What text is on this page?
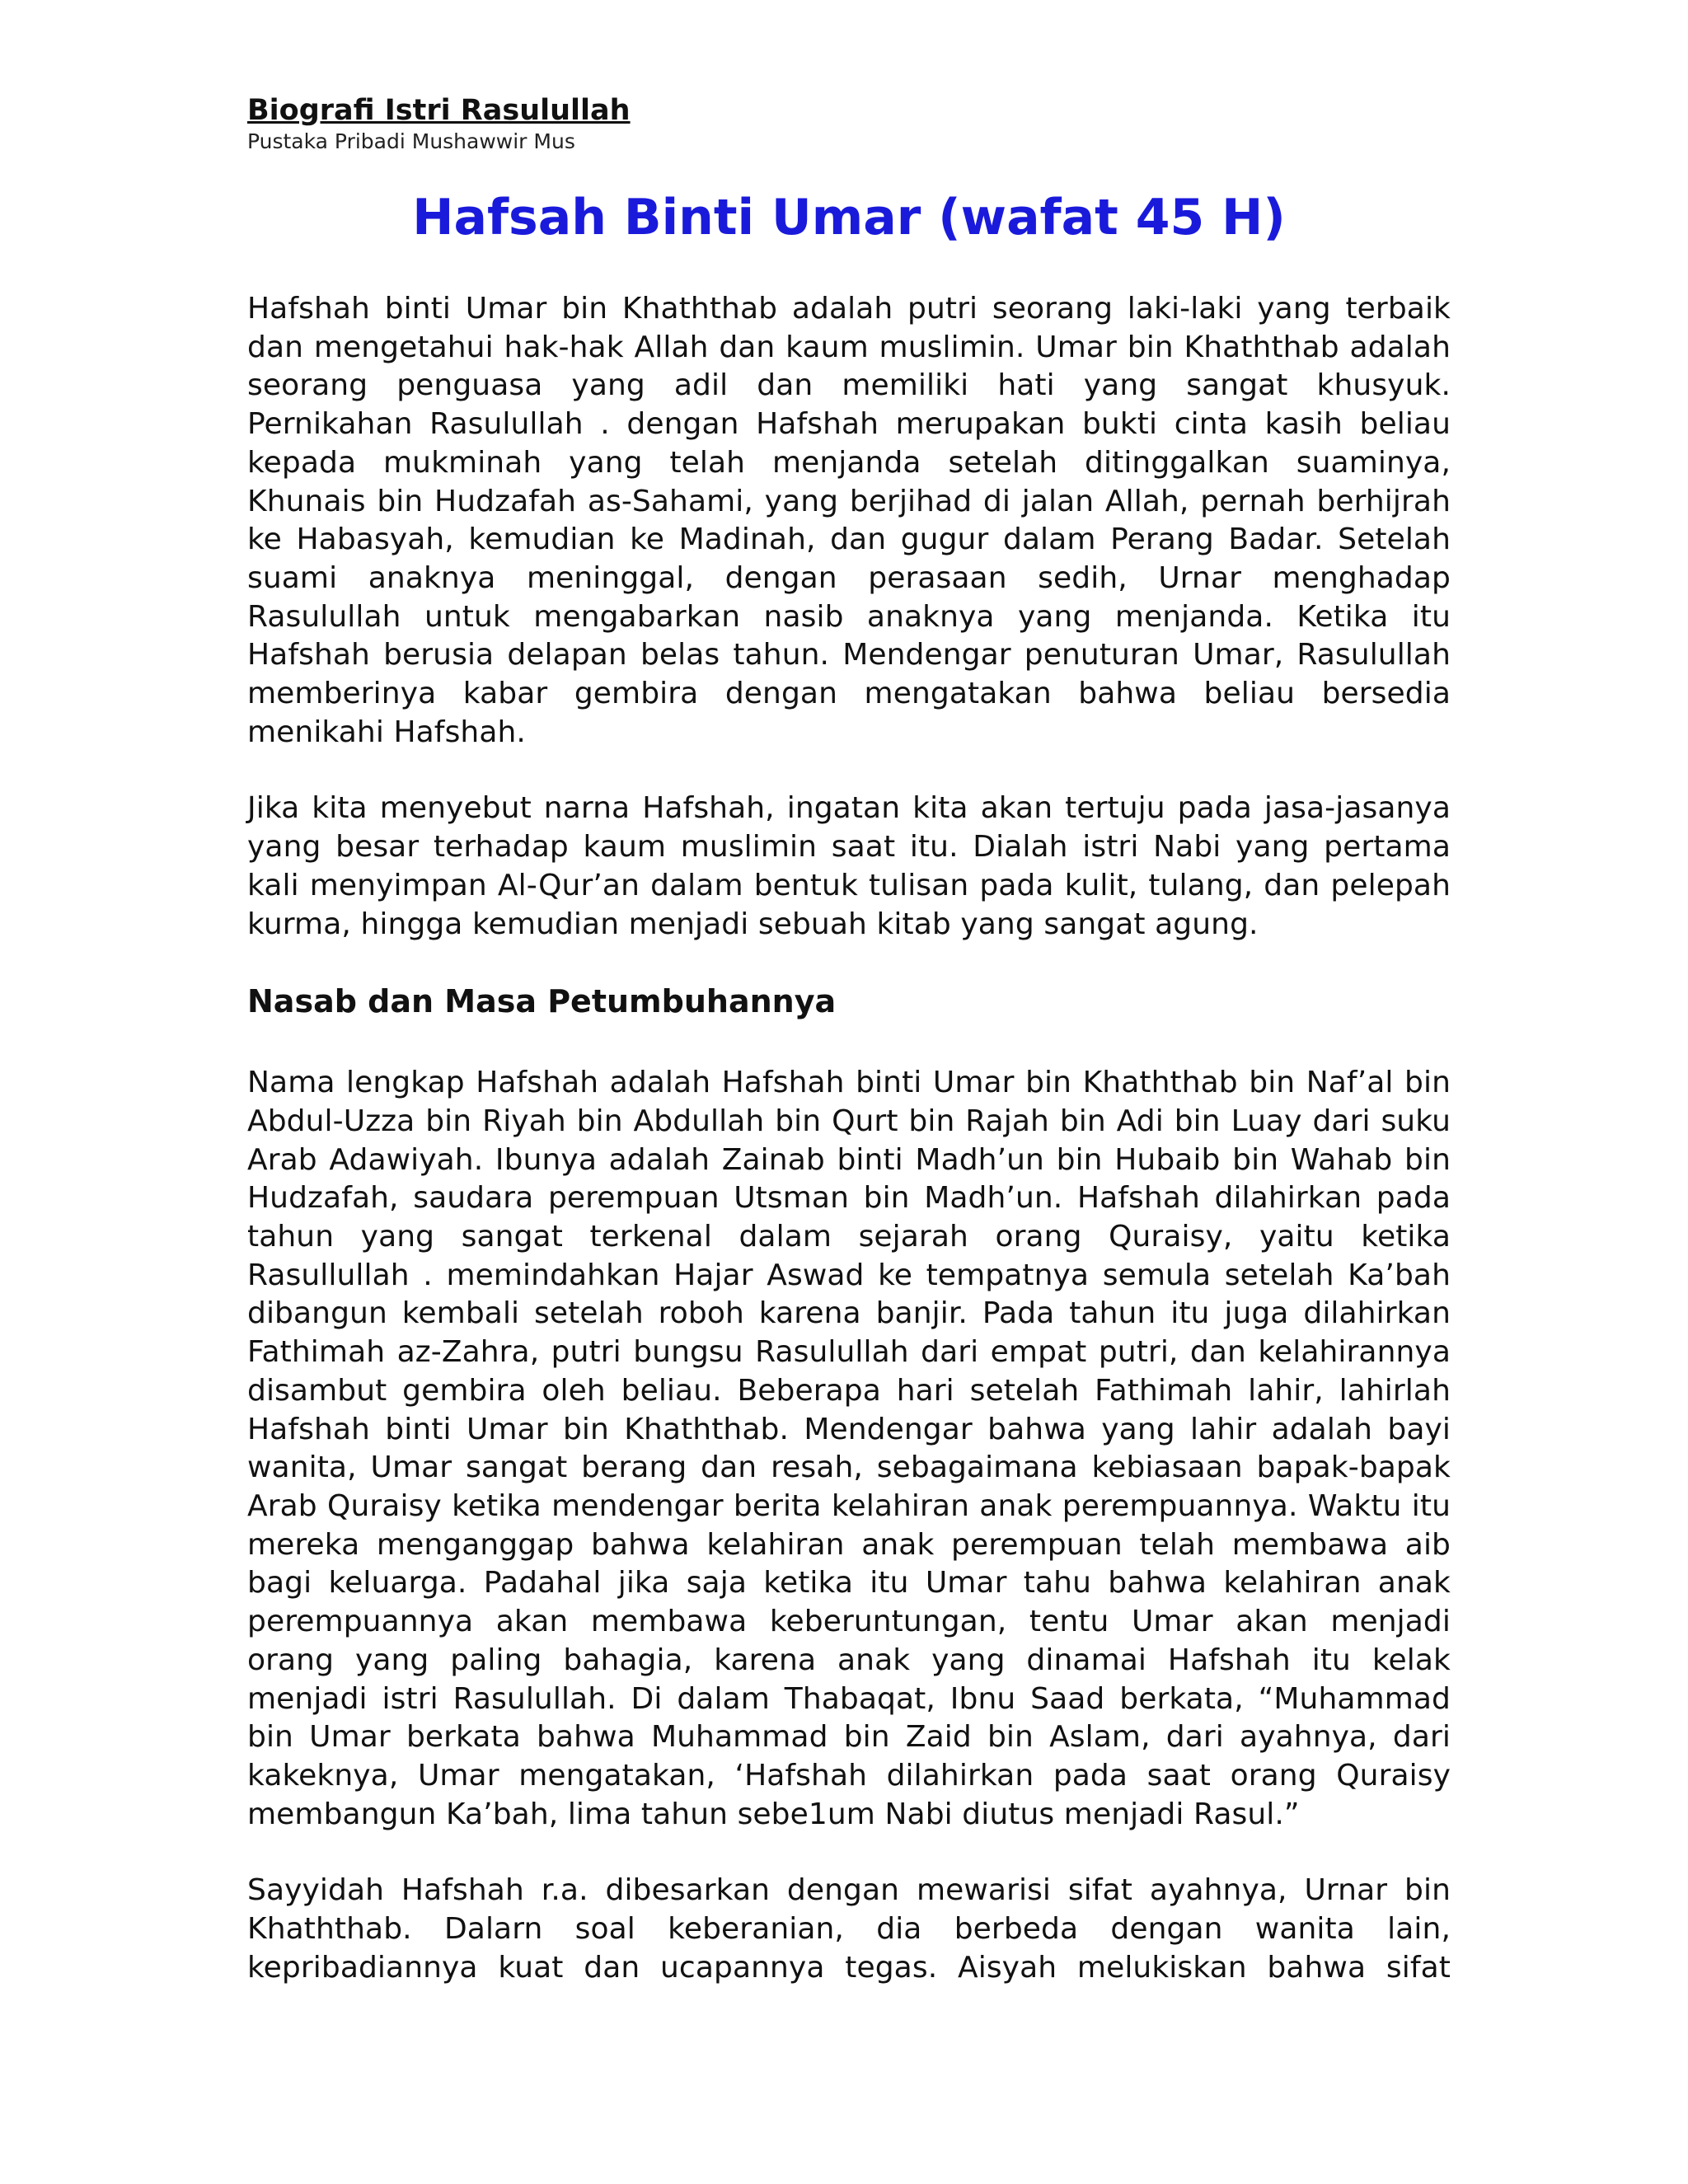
Biografi Istri Rasulullah

Pustaka Pribadi Mushawwir Mus

Hafsah Binti Umar (wafat 45 H)

Hafshah binti Umar bin Khaththab adalah putri seorang laki-laki yang terbaik dan mengetahui hak-hak Allah dan kaum muslimin. Umar bin Khaththab adalah seorang penguasa yang adil dan memiliki hati yang sangat khusyuk. Pernikahan Rasulullah . dengan Hafshah merupakan bukti cinta kasih beliau kepada mukminah yang telah menjanda setelah ditinggalkan suaminya, Khunais bin Hudzafah as-Sahami, yang berjihad di jalan Allah, pernah berhijrah ke Habasyah, kemudian ke Madinah, dan gugur dalam Perang Badar. Setelah suami anaknya meninggal, dengan perasaan sedih, Urnar menghadap Rasulullah untuk mengabarkan nasib anaknya yang menjanda. Ketika itu Hafshah berusia delapan belas tahun. Mendengar penuturan Umar, Rasulullah memberinya kabar gembira dengan mengatakan bahwa beliau bersedia menikahi Hafshah.

Jika kita menyebut narna Hafshah, ingatan kita akan tertuju pada jasa-jasanya yang besar terhadap kaum muslimin saat itu. Dialah istri Nabi yang pertama kali menyimpan Al-Qur’an dalam bentuk tulisan pada kulit, tulang, dan pelepah kurma, hingga kemudian menjadi sebuah kitab yang sangat agung.

Nasab dan Masa Petumbuhannya

Nama lengkap Hafshah adalah Hafshah binti Umar bin Khaththab bin Naf’al bin Abdul-Uzza bin Riyah bin Abdullah bin Qurt bin Rajah bin Adi bin Luay dari suku Arab Adawiyah. Ibunya adalah Zainab binti Madh’un bin Hubaib bin Wahab bin Hudzafah, saudara perempuan Utsman bin Madh’un. Hafshah dilahirkan pada tahun yang sangat terkenal dalam sejarah orang Quraisy, yaitu ketika Rasullullah . memindahkan Hajar Aswad ke tempatnya semula setelah Ka’bah dibangun kembali setelah roboh karena banjir. Pada tahun itu juga dilahirkan Fathimah az-Zahra, putri bungsu Rasulullah dari empat putri, dan kelahirannya disambut gembira oleh beliau. Beberapa hari setelah Fathimah lahir, lahirlah Hafshah binti Umar bin Khaththab. Mendengar bahwa yang lahir adalah bayi wanita, Umar sangat berang dan resah, sebagaimana kebiasaan bapak-bapak Arab Quraisy ketika mendengar berita kelahiran anak perempuannya. Waktu itu mereka menganggap bahwa kelahiran anak perempuan telah membawa aib bagi keluarga. Padahal jika saja ketika itu Umar tahu bahwa kelahiran anak perempuannya akan membawa keberuntungan, tentu Umar akan menjadi orang yang paling bahagia, karena anak yang dinamai Hafshah itu kelak menjadi istri Rasulullah. Di dalam Thabaqat, Ibnu Saad berkata, “Muhammad bin Umar berkata bahwa Muhammad bin Zaid bin Aslam, dari ayahnya, dari kakeknya, Umar mengatakan, ‘Hafshah dilahirkan pada saat orang Quraisy membangun Ka’bah, lima tahun sebe1um Nabi diutus menjadi Rasul.”

Sayyidah Hafshah r.a. dibesarkan dengan mewarisi sifat ayahnya, Urnar bin Khaththab. Dalarn soal keberanian, dia berbeda dengan wanita lain, kepribadiannya kuat dan ucapannya tegas. Aisyah melukiskan bahwa sifat
